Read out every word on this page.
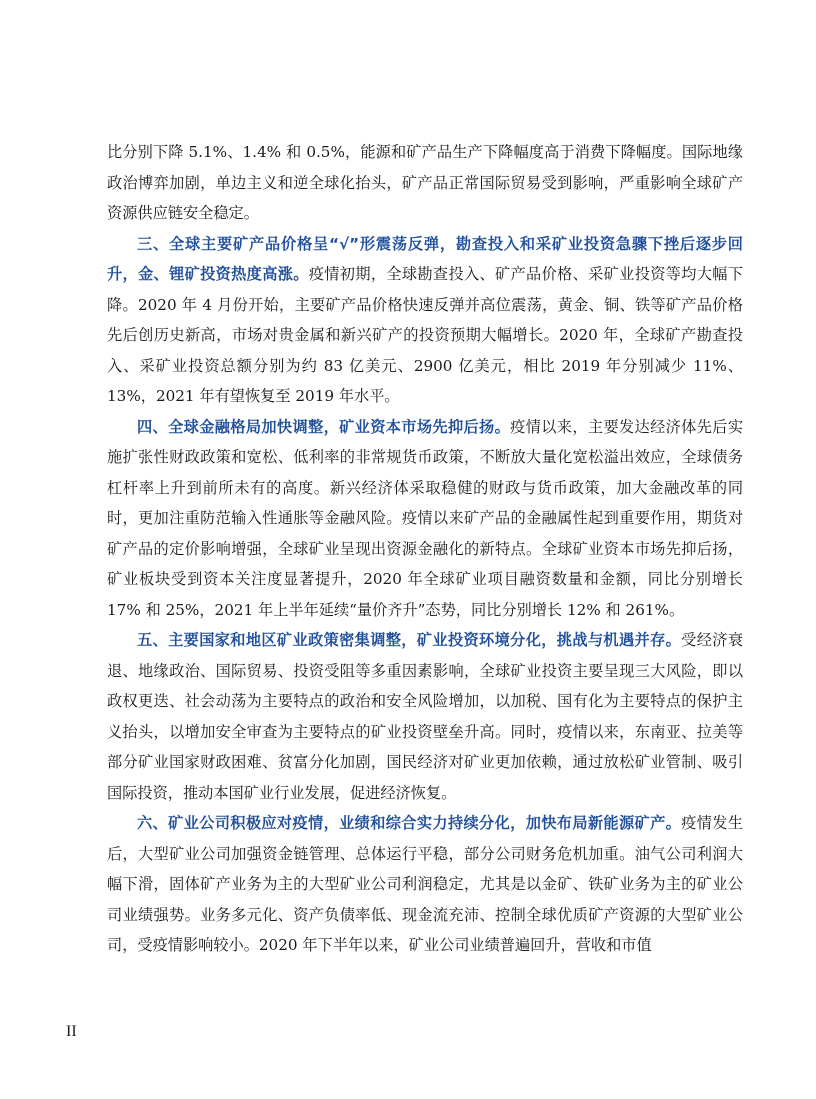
比分别下降 5.1%、1.4% 和 0.5%，能源和矿产品生产下降幅度高于消费下降幅度。国际地缘政治博弈加剧，单边主义和逆全球化抬头，矿产品正常国际贸易受到影响，严重影响全球矿产资源供应链安全稳定。

三、全球主要矿产品价格呈“√”形震荡反弹，勘查投入和采矿业投资急骤下挫后逐步回升，金、锂矿投资热度高涨。疫情初期，全球勘查投入、矿产品价格、采矿业投资等均大幅下降。2020 年 4 月份开始，主要矿产品价格快速反弹并高位震荡，黄金、铜、铁等矿产品价格先后创历史新高，市场对贵金属和新兴矿产的投资预期大幅增长。2020 年，全球矿产勘查投入、采矿业投资总额分别为约 83 亿美元、2900 亿美元，相比 2019 年分别减少 11%、13%，2021 年有望恢复至 2019 年水平。

四、全球金融格局加快调整，矿业资本市场先抑后扬。疫情以来，主要发达经济体先后实施扩张性财政政策和宽松、低利率的非常规货币政策，不断放大量化宽松溢出效应，全球债务杠杆率上升到前所未有的高度。新兴经济体采取稳健的财政与货币政策，加大金融改革的同时，更加注重防范输入性通胀等金融风险。疫情以来矿产品的金融属性起到重要作用，期货对矿产品的定价影响增强，全球矿业呈现出资源金融化的新特点。全球矿业资本市场先抑后扬，矿业板块受到资本关注度显著提升，2020 年全球矿业项目融资数量和金额，同比分别增长 17% 和 25%，2021 年上半年延续“量价齐升”态势，同比分别增长 12% 和 261%。

五、主要国家和地区矿业政策密集调整，矿业投资环境分化，挑战与机遇并存。受经济衰退、地缘政治、国际贸易、投资受阻等多重因素影响，全球矿业投资主要呈现三大风险，即以政权更迭、社会动荡为主要特点的政治和安全风险增加，以加税、国有化为主要特点的保护主义抬头，以增加安全审查为主要特点的矿业投资壁垒升高。同时，疫情以来，东南亚、拉美等部分矿业国家财政困难、贫富分化加剧，国民经济对矿业更加依赖，通过放松矿业管制、吸引国际投资，推动本国矿业行业发展，促进经济恢复。

六、矿业公司积极应对疫情，业绩和综合实力持续分化，加快布局新能源矿产。疫情发生后，大型矿业公司加强资金链管理、总体运行平稳，部分公司财务危机加重。油气公司利润大幅下滑，固体矿产业务为主的大型矿业公司利润稳定，尤其是以金矿、铁矿业务为主的矿业公司业绩强势。业务多元化、资产负债率低、现金流充沛、控制全球优质矿产资源的大型矿业公司，受疫情影响较小。2020 年下半年以来，矿业公司业绩普遍回升，营收和市值

II
